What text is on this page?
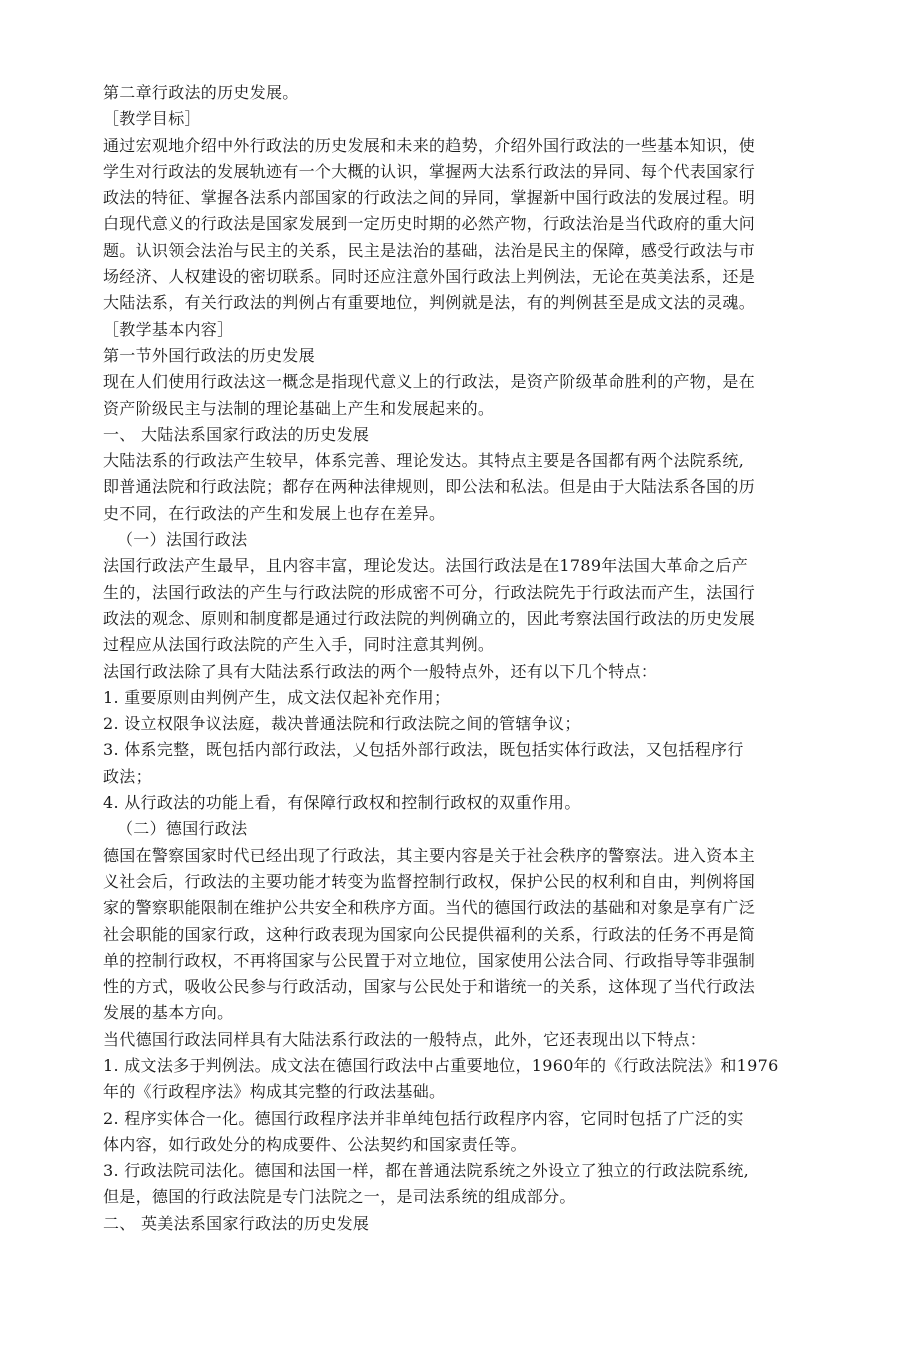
第二章行政法的历史发展。
［教学目标］
通过宏观地介绍中外行政法的历史发展和未来的趋势，介绍外国行政法的一些基本知识，使
学生对行政法的发展轨迹有一个大概的认识，掌握两大法系行政法的异同、每个代表国家行
政法的特征、掌握各法系内部国家的行政法之间的异同，掌握新中国行政法的发展过程。明
白现代意义的行政法是国家发展到一定历史时期的必然产物，行政法治是当代政府的重大问
题。认识领会法治与民主的关系，民主是法治的基础，法治是民主的保障，感受行政法与市
场经济、人权建设的密切联系。同时还应注意外国行政法上判例法，无论在英美法系，还是
大陆法系，有关行政法的判例占有重要地位，判例就是法，有的判例甚至是成文法的灵魂。
［教学基本内容］
第一节外国行政法的历史发展
现在人们使用行政法这一概念是指现代意义上的行政法，是资产阶级革命胜利的产物，是在
资产阶级民主与法制的理论基础上产生和发展起来的。
一、 大陆法系国家行政法的历史发展
大陆法系的行政法产生较早，体系完善、理论发达。其特点主要是各国都有两个法院系统,
即普通法院和行政法院；都存在两种法律规则，即公法和私法。但是由于大陆法系各国的历
史不同，在行政法的产生和发展上也存在差异。
（一）法国行政法
法国行政法产生最早，且内容丰富，理论发达。法国行政法是在1789年法国大革命之后产
生的，法国行政法的产生与行政法院的形成密不可分，行政法院先于行政法而产生，法国行
政法的观念、原则和制度都是通过行政法院的判例确立的，因此考察法国行政法的历史发展
过程应从法国行政法院的产生入手，同时注意其判例。
法国行政法除了具有大陆法系行政法的两个一般特点外，还有以下几个特点：
1. 重要原则由判例产生，成文法仅起补充作用；
2. 设立权限争议法庭，裁决普通法院和行政法院之间的管辖争议；
3. 体系完整，既包括内部行政法，乂包括外部行政法，既包括实体行政法，又包括程序行
政法；
4. 从行政法的功能上看，有保障行政权和控制行政权的双重作用。
（二）德国行政法
德国在警察国家时代已经出现了行政法，其主要内容是关于社会秩序的警察法。进入资本主
义社会后，行政法的主要功能才转变为监督控制行政权，保护公民的权利和自由，判例将国
家的警察职能限制在维护公共安全和秩序方面。当代的德国行政法的基础和对象是享有广泛
社会职能的国家行政，这种行政表现为国家向公民提供福利的关系，行政法的任务不再是简
单的控制行政权，不再将国家与公民置于对立地位，国家使用公法合同、行政指导等非强制
性的方式，吸收公民参与行政活动，国家与公民处于和谐统一的关系，这体现了当代行政法
发展的基本方向。
当代德国行政法同样具有大陆法系行政法的一般特点，此外，它还表现出以下特点：
1. 成文法多于判例法。成文法在德国行政法中占重要地位，1960年的《行政法院法》和1976
年的《行政程序法》构成其完整的行政法基础。
2. 程序实体合一化。德国行政程序法并非单纯包括行政程序内容，它同时包括了广泛的实
体内容，如行政处分的构成要件、公法契约和国家责任等。
3. 行政法院司法化。德国和法国一样，都在普通法院系统之外设立了独立的行政法院系统,
但是，德国的行政法院是专门法院之一，是司法系统的组成部分。
二、 英美法系国家行政法的历史发展
